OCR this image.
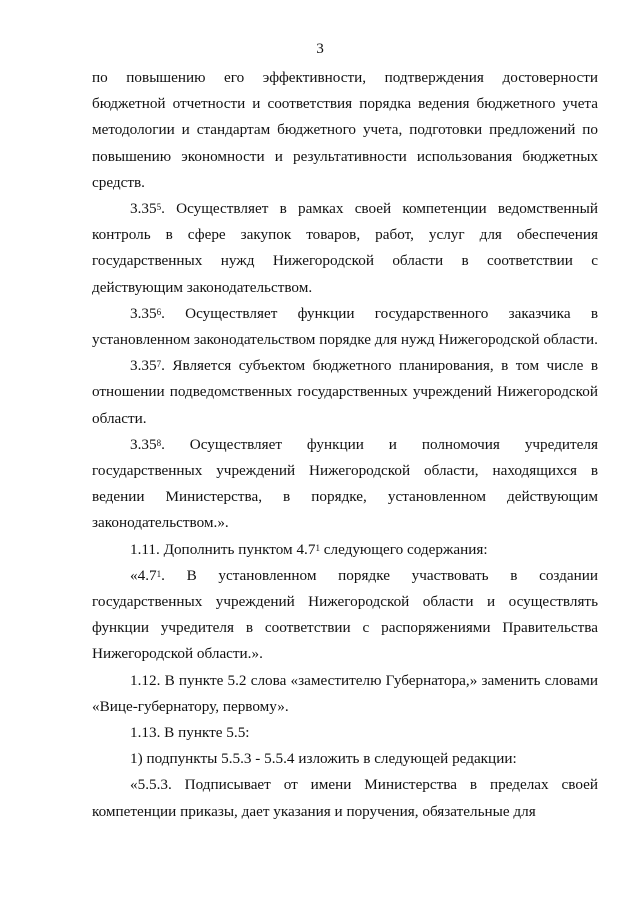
3

по повышению его эффективности, подтверждения достоверности бюджетной отчетности и соответствия порядка ведения бюджетного учета методологии и стандартам бюджетного учета, подготовки предложений по повышению экономности и результативности использования бюджетных средств.

3.35$^5$. Осуществляет в рамках своей компетенции ведомственный контроль в сфере закупок товаров, работ, услуг для обеспечения государственных нужд Нижегородской области в соответствии с действующим законодательством.

3.35$^6$. Осуществляет функции государственного заказчика в установленном законодательством порядке для нужд Нижегородской области.

3.35$^7$. Является субъектом бюджетного планирования, в том числе в отношении подведомственных государственных учреждений Нижегородской области.

3.35$^8$. Осуществляет функции и полномочия учредителя государственных учреждений Нижегородской области, находящихся в ведении Министерства, в порядке, установленном действующим законодательством.».

1.11. Дополнить пунктом $4.7^1$ следующего содержания:

«$4.7^1$. В установленном порядке участвовать в создании государственных учреждений Нижегородской области и осуществлять функции учредителя в соответствии с распоряжениями Правительства Нижегородской области.».

1.12. В пункте 5.2 слова «заместителю Губернатора,» заменить словами «Вице-губернатору, первому».

1.13. В пункте 5.5:

1) подпункты 5.5.3 - 5.5.4 изложить в следующей редакции:

«5.5.3. Подписывает от имени Министерства в пределах своей компетенции приказы, дает указания и поручения, обязательные для
